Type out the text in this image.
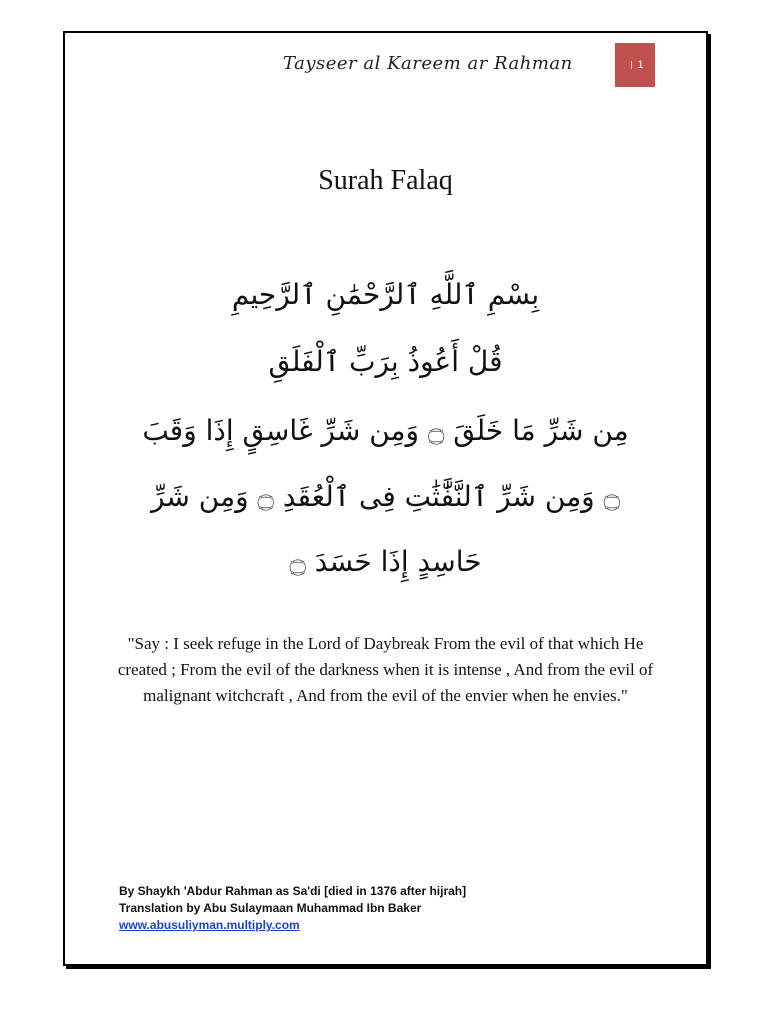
Tayseer al Kareem ar Rahman	1
Surah Falaq
بِسْمِ ٱللَّهِ ٱلرَّحْمَٰنِ ٱلرَّحِيمِ
قُلْ أَعُوذُ بِرَبِّ ٱلْفَلَقِ
مِن شَرِّ مَا خَلَقَ ۝ وَمِن شَرِّ غَاسِقٍ إِذَا وَقَبَ
۝ وَمِن شَرِّ ٱلنَّفَّٰثَٰتِ فِى ٱلْعُقَدِ ۝ وَمِن شَرِّ
حَاسِدٍ إِذَا حَسَدَ ۝
"Say : I seek refuge in the Lord of Daybreak From the evil of that which He created ; From the evil of the darkness when it is intense , And from the evil of malignant witchcraft , And from the evil of the envier when he envies."
By Shaykh 'Abdur Rahman as Sa'di [died in 1376 after hijrah]
Translation by Abu Sulaymaan Muhammad Ibn Baker
www.abusuliyman.multiply.com
